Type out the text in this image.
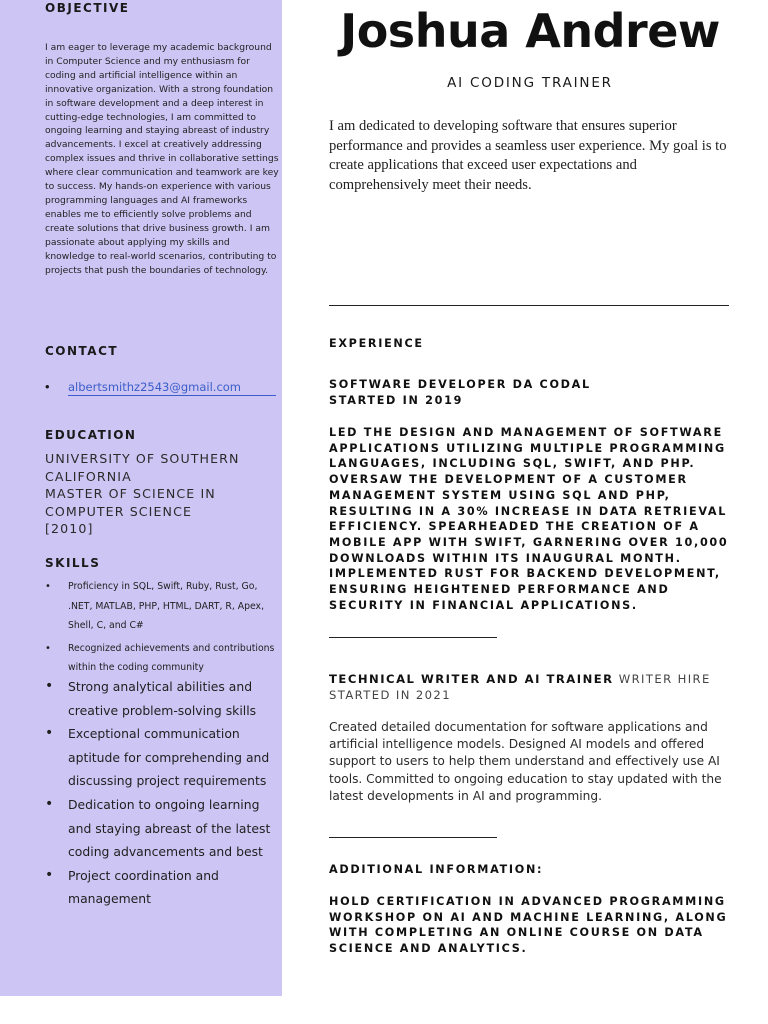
OBJECTIVE

I am eager to leverage my academic background in Computer Science and my enthusiasm for coding and artificial intelligence within an innovative organization. With a strong foundation in software development and a deep interest in cutting-edge technologies, I am committed to ongoing learning and staying abreast of industry advancements. I excel at creatively addressing complex issues and thrive in collaborative settings where clear communication and teamwork are key to success. My hands-on experience with various programming languages and AI frameworks enables me to efficiently solve problems and create solutions that drive business growth. I am passionate about applying my skills and knowledge to real-world scenarios, contributing to projects that push the boundaries of technology.

CONTACT
• albertsmithz2543@gmail.com
EDUCATION
UNIVERSITY OF SOUTHERN
CALIFORNIA
MASTER OF SCIENCE IN
COMPUTER SCIENCE
[2010]
SKILLS
• Proficiency in SQL, Swift, Ruby, Rust, Go, .NET, MATLAB, PHP, HTML, DART, R, Apex, Shell, C, and C#
• Recognized achievements and contributions within the coding community
• Strong analytical abilities and creative problem-solving skills
• Exceptional communication aptitude for comprehending and discussing project requirements
• Dedication to ongoing learning and staying abreast of the latest coding advancements and best
• Project coordination and management
Joshua Andrew
AI CODING TRAINER

I am dedicated to developing software that ensures superior performance and provides a seamless user experience. My goal is to create applications that exceed user expectations and comprehensively meet their needs.

EXPERIENCE
SOFTWARE DEVELOPER DA CODAL
STARTED IN 2019

LED THE DESIGN AND MANAGEMENT OF SOFTWARE APPLICATIONS UTILIZING MULTIPLE PROGRAMMING LANGUAGES, INCLUDING SQL, SWIFT, AND PHP. OVERSAW THE DEVELOPMENT OF A CUSTOMER MANAGEMENT SYSTEM USING SQL AND PHP, RESULTING IN A 30% INCREASE IN DATA RETRIEVAL EFFICIENCY. SPEARHEADED THE CREATION OF A MOBILE APP WITH SWIFT, GARNERING OVER 10,000 DOWNLOADS WITHIN ITS INAUGURAL MONTH. IMPLEMENTED RUST FOR BACKEND DEVELOPMENT, ENSURING HEIGHTENED PERFORMANCE AND SECURITY IN FINANCIAL APPLICATIONS.

TECHNICAL WRITER AND AI TRAINER WRITER HIRE
STARTED IN 2021

Created detailed documentation for software applications and artificial intelligence models. Designed AI models and offered support to users to help them understand and effectively use AI tools. Committed to ongoing education to stay updated with the latest developments in AI and programming.

ADDITIONAL INFORMATION:

HOLD CERTIFICATION IN ADVANCED PROGRAMMING WORKSHOP ON AI AND MACHINE LEARNING, ALONG WITH COMPLETING AN ONLINE COURSE ON DATA SCIENCE AND ANALYTICS.
